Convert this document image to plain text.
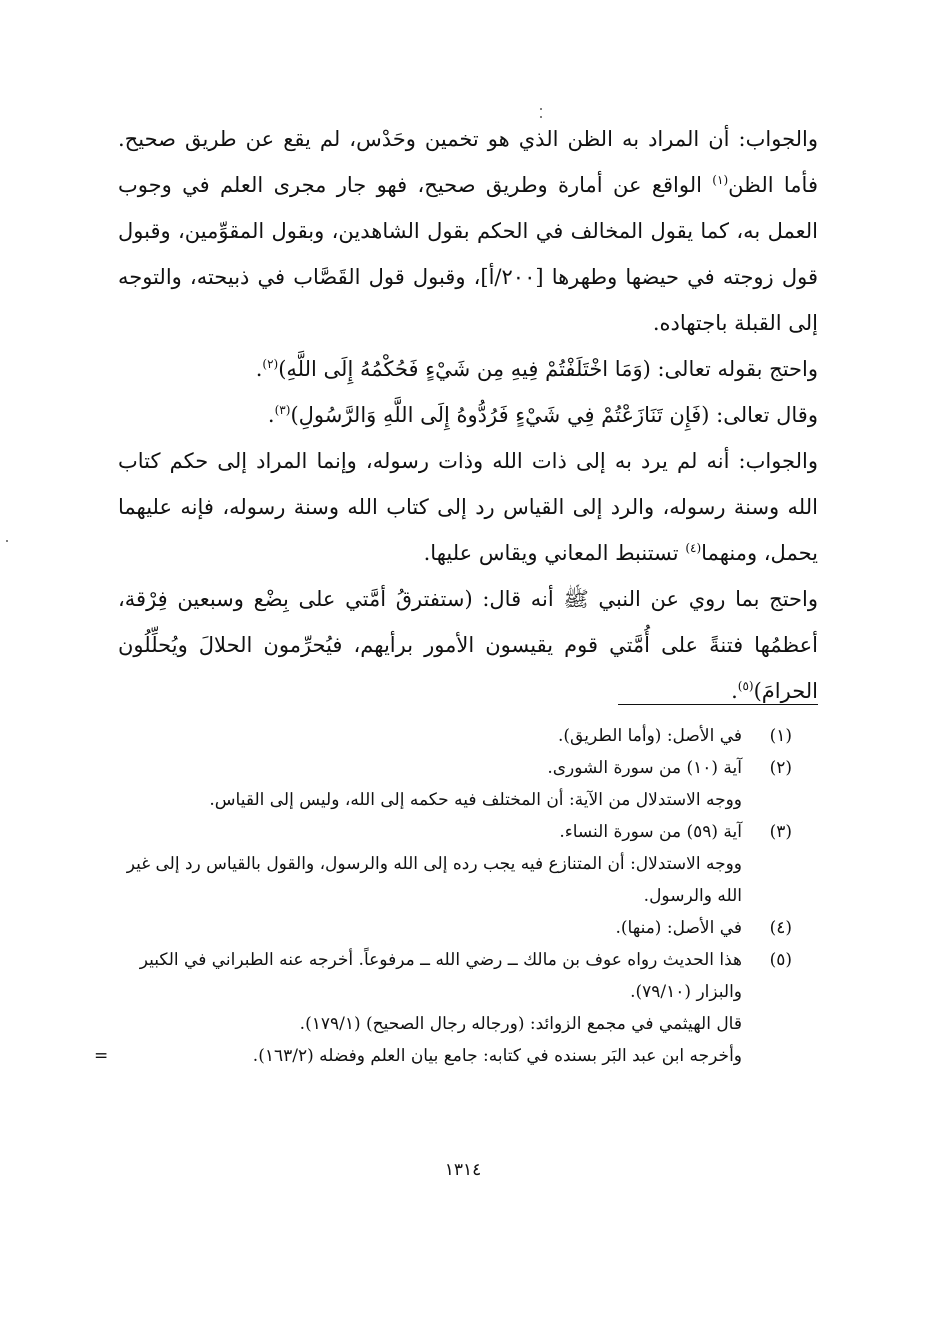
والجواب: أن المراد به الظن الذي هو تخمين وحَدْس، لم يقع عن طريق صحيح. فأما الظن$^{(١)}$ الواقع عن أمارة وطريق صحيح، فهو جار مجرى العلم في وجوب العمل به، كما يقول المخالف في الحكم بقول الشاهدين، وبقول المقوِّمين، وقبول قول زوجته في حيضها وطهرها [٢٠٠/أ]، وقبول قول القَصَّاب في ذبيحته، والتوجه إلى القبلة باجتهاده.

واحتج بقوله تعالى: (وَمَا اخْتَلَفْتُمْ فِيهِ مِن شَيْءٍ فَحُكْمُهُ إِلَى اللَّهِ)$^{(٢)}$.

وقال تعالى: (فَإِن تَنَازَعْتُمْ فِي شَيْءٍ فَرُدُّوهُ إِلَى اللَّهِ وَالرَّسُولِ)$^{(٣)}$.

والجواب: أنه لم يرد به إلى ذات الله وذات رسوله، وإنما المراد إلى حكم كتاب الله وسنة رسوله، والرد إلى القياس رد إلى كتاب الله وسنة رسوله، فإنه عليهما يحمل، ومنهما$^{(٤)}$ تستنبط المعاني ويقاس عليها.

واحتج بما روي عن النبي ﷺ أنه قال: (ستفترقُ أمَّتي على بِضْع وسبعين فِرْقة، أعظمُها فتنةً على أُمَّتي قوم يقيسون الأمور برأيهم، فيُحرِّمون الحلالَ ويُحلِّلُون الحرامَ)$^{(٥)}$.

(١)
في الأصل: (وأما الطريق).
(٢)
آية (١٠) من سورة الشورى.
ووجه الاستدلال من الآية: أن المختلف فيه حكمه إلى الله، وليس إلى القياس.
(٣)
آية (٥٩) من سورة النساء.
ووجه الاستدلال: أن المتنازع فيه يجب رده إلى الله والرسول، والقول بالقياس رد إلى غير الله والرسول.
(٤)
في الأصل: (منها).
(٥)
هذا الحديث رواه عوف بن مالك ــ رضي الله ــ مرفوعاً. أخرجه عنه الطبراني في الكبير والبزار (٧٩/١٠).
قال الهيثمي في مجمع الزوائد: (ورجاله رجال الصحيح) (١٧٩/١).
وأخرجه ابن عبد البَر بسنده في كتابه: جامع بيان العلم وفضله (١٦٣/٢).
=
١٣١٤
